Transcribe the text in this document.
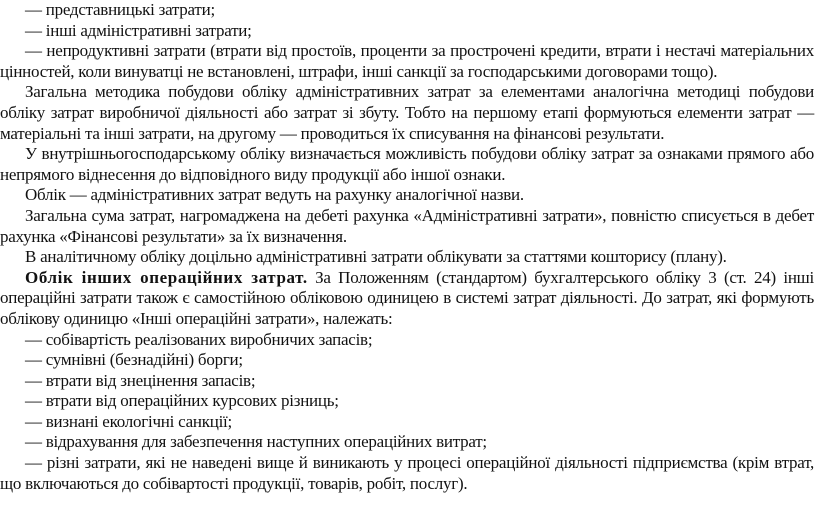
— представницькі затрати;

— інші адміністративні затрати;

— непродуктивні затрати (втрати від простоїв, проценти за прострочені кредити, втрати і нестачі матеріальних цінностей, коли винуватці не встановлені, штрафи, інші санкції за господарськими договорами тощо).

Загальна методика побудови обліку адміністративних затрат за елементами аналогічна методиці побудови обліку затрат виробничої діяльності або затрат зі збуту. Тобто на першому етапі формуються елементи затрат — матеріальні та інші затрати, на другому — проводиться їх списування на фінансові результати.

У внутрішньогосподарському обліку визначається можливість побудови обліку затрат за ознаками прямого або непрямого віднесення до відповідного виду продукції або іншої ознаки.

Облік — адміністративних затрат ведуть на рахунку аналогічної назви.

Загальна сума затрат, нагромаджена на дебеті рахунка «Адміністративні затрати», повністю списується в дебет рахунка «Фінансові результати» за їх визначення.

В аналітичному обліку доцільно адміністративні затрати облікувати за статтями кошторису (плану).

Облік інших операційних затрат. За Положенням (стандартом) бухгалтерського обліку 3 (ст. 24) інші операційні затрати також є самостійною обліковою одиницею в системі затрат діяльності. До затрат, які формують облікову одиницю «Інші операційні затрати», належать:

— собівартість реалізованих виробничих запасів;

— сумнівні (безнадійні) борги;

— втрати від знецінення запасів;

— втрати від операційних курсових різниць;

— визнані екологічні санкції;

— відрахування для забезпечення наступних операційних витрат;

— різні затрати, які не наведені вище й виникають у процесі операційної діяльності підприємства (крім втрат, що включаються до собівартості продукції, товарів, робіт, послуг).
